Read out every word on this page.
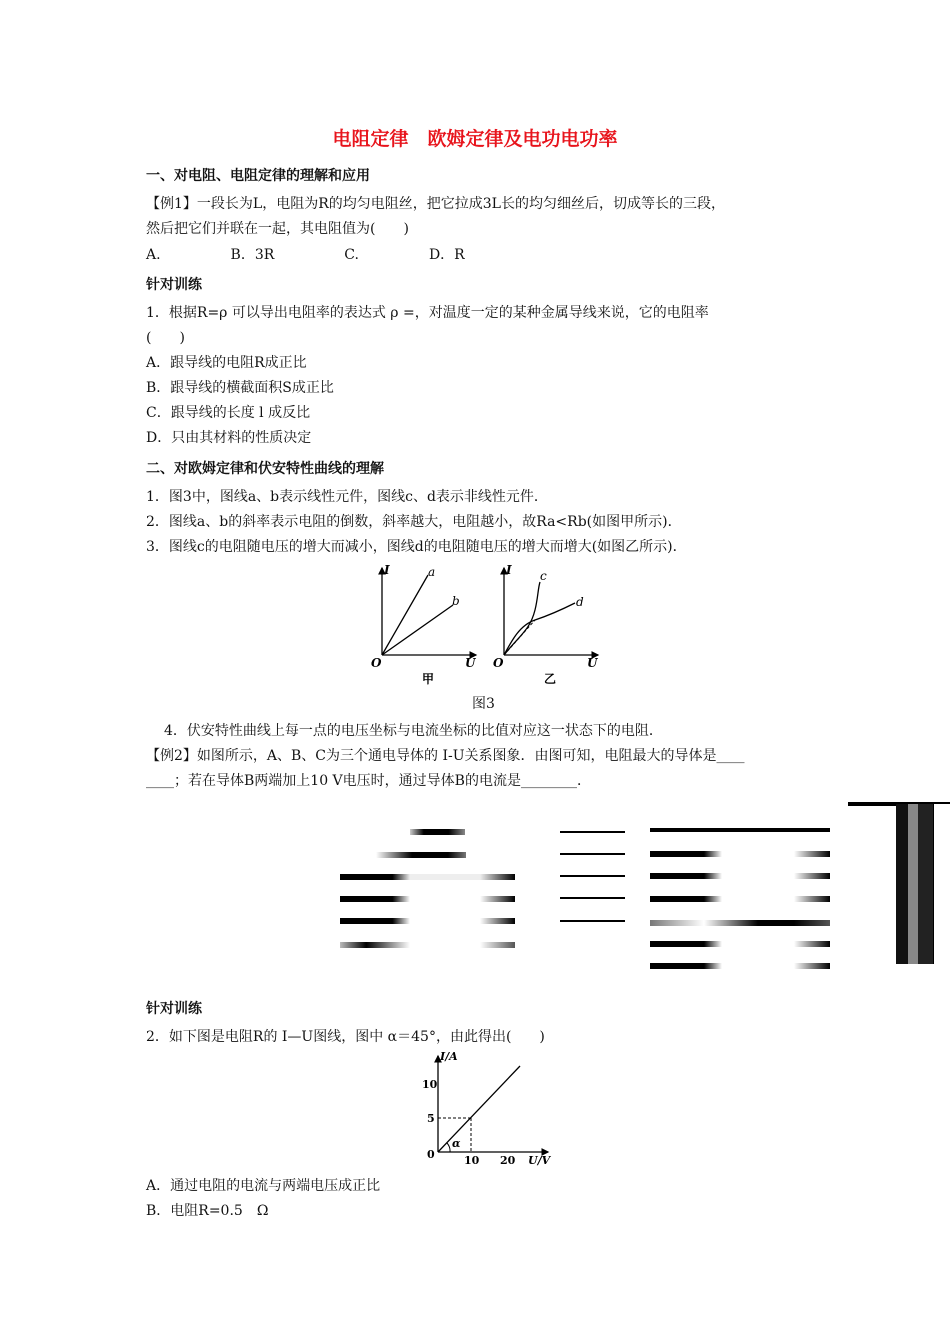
电阻定律　欧姆定律及电功电功率
一、对电阻、电阻定律的理解和应用
【例1】一段长为L，电阻为R的均匀电阻丝，把它拉成3L长的均匀细丝后，切成等长的三段，
然后把它们并联在一起，其电阻值为(　　)
A.　　　　　B．3R　　　　　C.　　　　　D．R
针对训练
1．根据R=ρ 可以导出电阻率的表达式 ρ =，对温度一定的某种金属导线来说，它的电阻率
(　　)
A．跟导线的电阻R成正比
B．跟导线的横截面积S成正比
C．跟导线的长度 l 成反比
D．只由其材料的性质决定
二、对欧姆定律和伏安特性曲线的理解
1．图3中，图线a、b表示线性元件，图线c、d表示非线性元件．
2．图线a、b的斜率表示电阻的倒数，斜率越大，电阻越小，故Ra<Rb(如图甲所示)．
3．图线c的电阻随电压的增大而减小，图线d的电阻随电压的增大而增大(如图乙所示)．
I
U
O
a
b
甲
I
U
O
c
d
乙
图3
4．伏安特性曲线上每一点的电压坐标与电流坐标的比值对应这一状态下的电阻．
【例2】如图所示，A、B、C为三个通电导体的 I-U关系图象．由图可知，电阻最大的导体是____
____；若在导体B两端加上10 V电压时，通过导体B的电流是________．
针对训练
2．如下图是电阻R的 I—U图线，图中 α＝45°，由此得出(　　)
I/A
10
5
0	10 20 U/V
α
A．通过电阻的电流与两端电压成正比
B．电阻R=0.5　Ω
